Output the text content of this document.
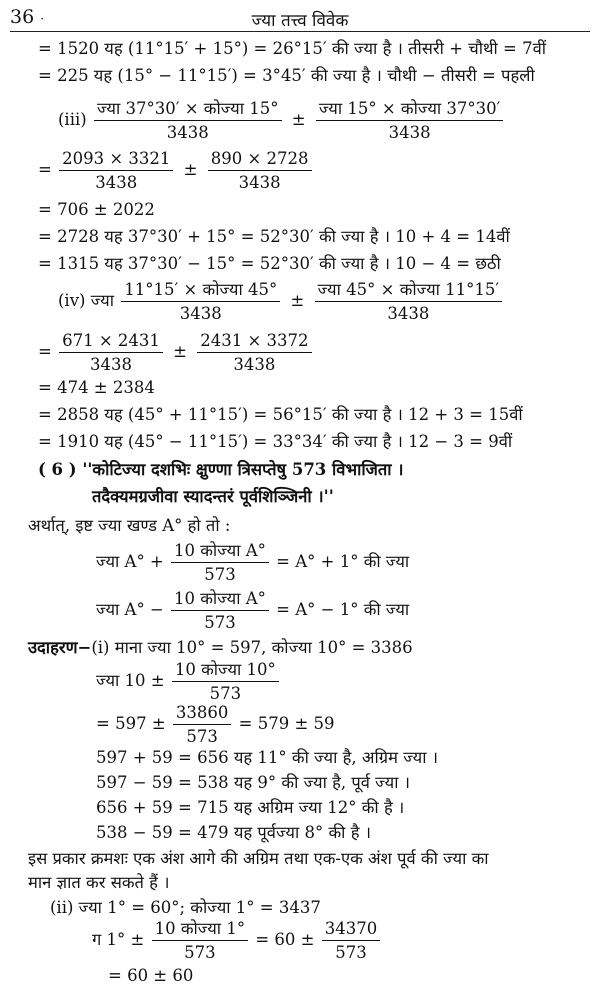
36 ·	ज्या तत्त्व विवेक
= 1520 यह (11°15′ + 15°) = 26°15′ की ज्या है । तीसरी + चौथी = 7वीं
= 225 यह (15° − 11°15′) = 3°45′ की ज्या है । चौथी − तीसरी = पहली
$(iii) \frac{\text{ज्या 37°30′ × कोज्या 15°}}{3438} \pm \frac{\text{ज्या 15° × कोज्या 37°30′}}{3438}$
= $\frac{2093 \times 3321}{3438} \pm \frac{890 \times 2728}{3438}$
= 706 ± 2022
= 2728 यह 37°30′ + 15° = 52°30′ की ज्या है । 10 + 4 = 14वीं
= 1315 यह 37°30′ − 15° = 52°30′ की ज्या है । 10 − 4 = छठी
(iv) ज्या $\frac{\text{11°15′ × कोज्या 45°}}{3438} \pm \frac{\text{ज्या 45° × कोज्या 11°15′}}{3438}$
= $\frac{671 \times 2431}{3438} \pm \frac{2431 \times 3372}{3438}$
= 474 ± 2384
= 2858 यह (45° + 11°15′) = 56°15′ की ज्या है । 12 + 3 = 15वीं
= 1910 यह (45° − 11°15′) = 33°34′ की ज्या है । 12 − 3 = 9वीं
( 6 ) ''कोटिज्या दशभिः क्षुण्णा त्रिसप्तेषु 573 विभाजिता ।
तदैक्यमग्रजीवा स्यादन्तरं पूर्वशिञ्जिनी ।''
अर्थात्, इष्ट ज्या खण्ड A° हो तो :
ज्या $A^\circ + \frac{\text{10 कोज्या A°}}{573} = A^\circ + 1^\circ$ की ज्या
ज्या $A^\circ - \frac{\text{10 कोज्या A°}}{573} = A^\circ - 1^\circ$ की ज्या
उदाहरण−(i) माना ज्या 10° = 597, कोज्या 10° = 3386
ज्या $10 \pm \frac{\text{10 कोज्या 10°}}{573}$
= $597 \pm \frac{33860}{573} = 579 \pm 59$
597 + 59 = 656 यह 11° की ज्या है, अग्रिम ज्या ।
597 − 59 = 538 यह 9° की ज्या है, पूर्व ज्या ।
656 + 59 = 715 यह अग्रिम ज्या 12° की है ।
538 − 59 = 479 यह पूर्वज्या 8° की है ।
इस प्रकार क्रमशः एक अंश आगे की अग्रिम तथा एक-एक अंश पूर्व की ज्या का
मान ज्ञात कर सकते हैं ।
(ii) ज्या 1° = 60°; कोज्या 1° = 3437
ग $1^\circ \pm \frac{\text{10 कोज्या 1°}}{573} = 60 \pm \frac{34370}{573}$
= 60 ± 60
